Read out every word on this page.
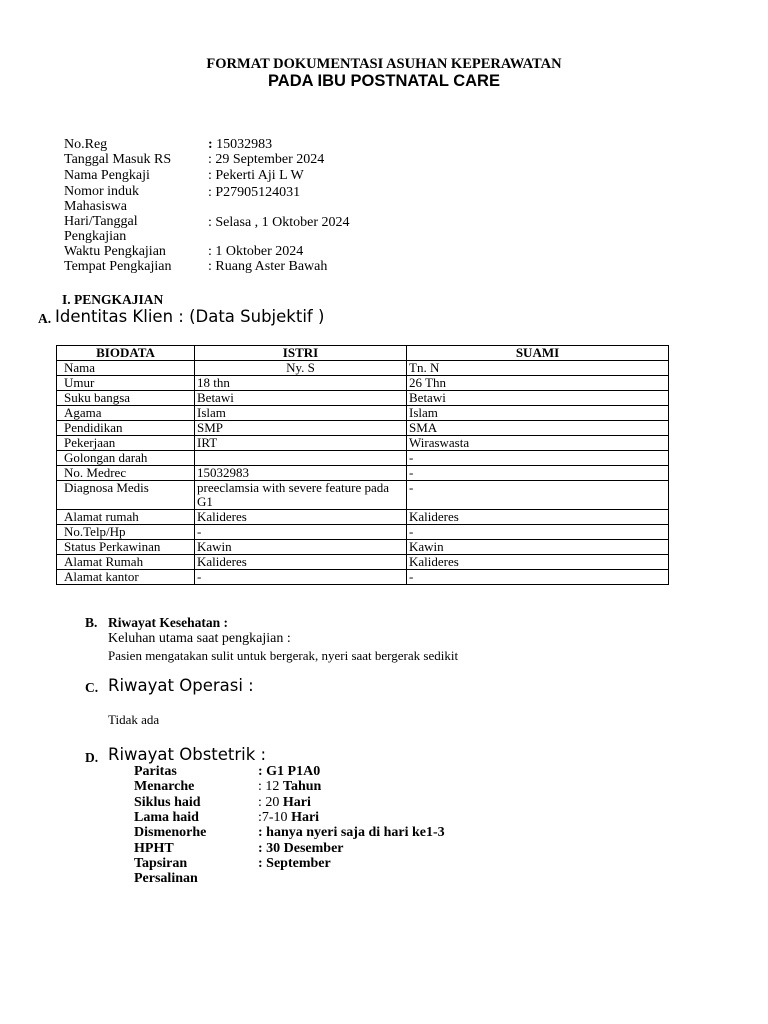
FORMAT DOKUMENTASI ASUHAN KEPERAWATAN
PADA IBU POSTNATAL CARE
No.Reg	: 15032983
Tanggal Masuk RS	: 29 September 2024
Nama Pengkaji	: Pekerti Aji L W
Nomor induk Mahasiswa
: P27905124031
Hari/Tanggal Pengkajian
: Selasa , 1 Oktober 2024
Waktu Pengkajian	: 1 Oktober 2024
Tempat Pengkajian	: Ruang Aster Bawah
I. PENGKAJIAN
A. Identitas Klien : (Data Subjektif )
BIODATA	ISTRI	SUAMI
Nama	Ny. S	Tn. N
Umur	18 thn	26 Thn
Suku bangsa	Betawi	Betawi
Agama	Islam	Islam
Pendidikan	SMP	SMA
Pekerjaan	IRT	Wiraswasta
Golongan darah		-
No. Medrec	15032983	-
Diagnosa Medis	preeclamsia with severe feature pada G1	-
Alamat rumah	Kalideres	Kalideres
No.Telp/Hp	-	-
Status Perkawinan	Kawin	Kawin
Alamat Rumah	Kalideres	Kalideres
Alamat kantor	-	-
B. Riwayat Kesehatan :
Keluhan utama saat pengkajian :
Pasien mengatakan sulit untuk bergerak, nyeri saat bergerak sedikit
C. Riwayat Operasi :
Tidak ada
D. Riwayat Obstetrik :
Paritas	: G1 P1A0
Menarche	: 12 Tahun
Siklus haid	: 20 Hari
Lama haid	:7-10 Hari
Dismenorhe	: hanya nyeri saja di hari ke1-3
HPHT	: 30 Desember
Tapsiran Persalinan
: September
